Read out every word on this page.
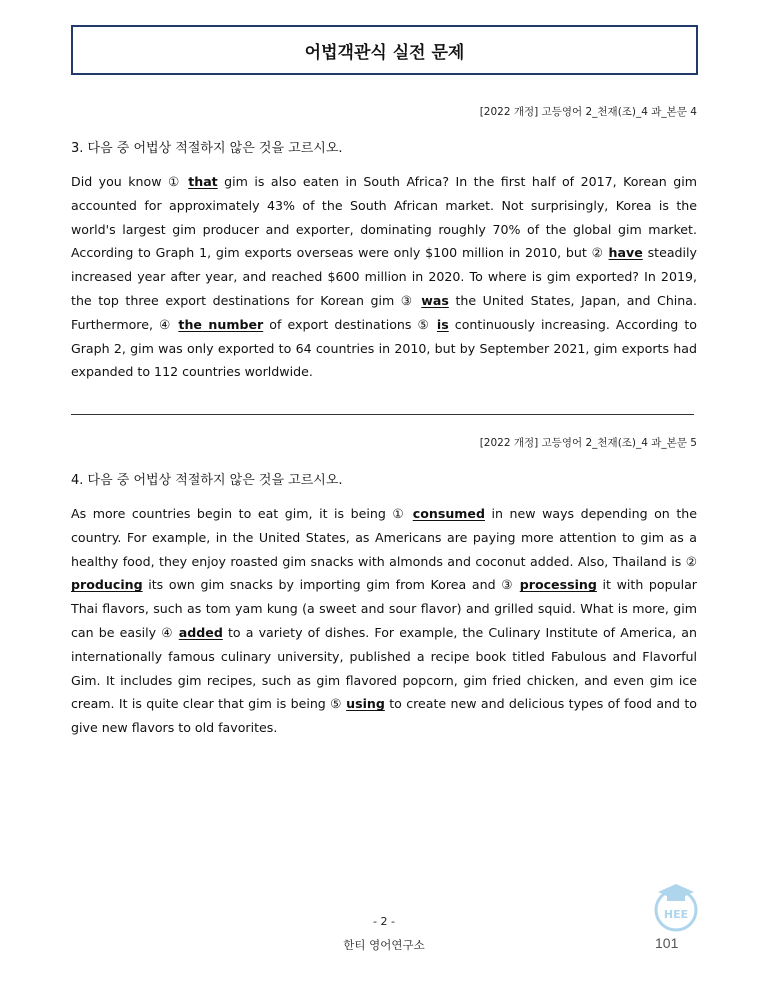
어법객관식 실전 문제
[2022 개정] 고등영어 2_천재(조)_4 과_본문 4
3. 다음 중 어법상 적절하지 않은 것을 고르시오.

Did you know ① that gim is also eaten in South Africa? In the first half of 2017, Korean gim accounted for approximately 43% of the South African market. Not surprisingly, Korea is the world's largest gim producer and exporter, dominating roughly 70% of the global gim market. According to Graph 1, gim exports overseas were only $100 million in 2010, but ② have steadily increased year after year, and reached $600 million in 2020. To where is gim exported? In 2019, the top three export destinations for Korean gim ③ was the United States, Japan, and China. Furthermore, ④ the number of export destinations ⑤ is continuously increasing. According to Graph 2, gim was only exported to 64 countries in 2010, but by September 2021, gim exports had expanded to 112 countries worldwide.

[2022 개정] 고등영어 2_천재(조)_4 과_본문 5
4. 다음 중 어법상 적절하지 않은 것을 고르시오.

As more countries begin to eat gim, it is being ① consumed in new ways depending on the country. For example, in the United States, as Americans are paying more attention to gim as a healthy food, they enjoy roasted gim snacks with almonds and coconut added. Also, Thailand is ② producing its own gim snacks by importing gim from Korea and ③ processing it with popular Thai flavors, such as tom yam kung (a sweet and sour flavor) and grilled squid. What is more, gim can be easily ④ added to a variety of dishes. For example, the Culinary Institute of America, an internationally famous culinary university, published a recipe book titled Fabulous and Flavorful Gim. It includes gim recipes, such as gim flavored popcorn, gim fried chicken, and even gim ice cream. It is quite clear that gim is being ⑤ using to create new and delicious types of food and to give new flavors to old favorites.

HEE
- 2 -
한티 영어연구소	101
